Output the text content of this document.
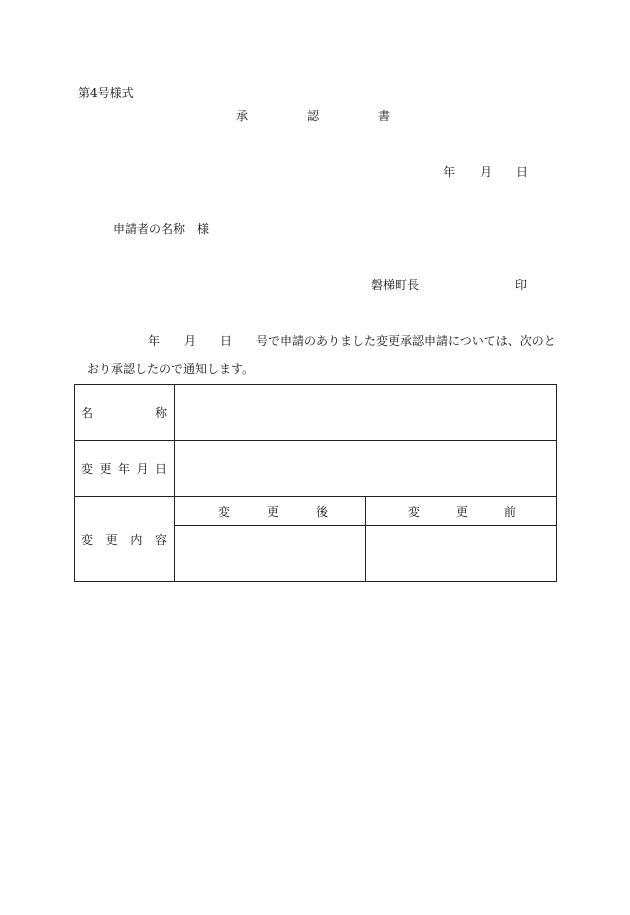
第4号様式
承	認	書
年 月 日
申請者の名称　様
磐梯町長	印
年 月 日 号で申請のありました変更承認申請については、次のと
おり承認したので通知します。
名 称		

変 更 年 月 日		

変 更 内 容	変 更 後	変 更 前
